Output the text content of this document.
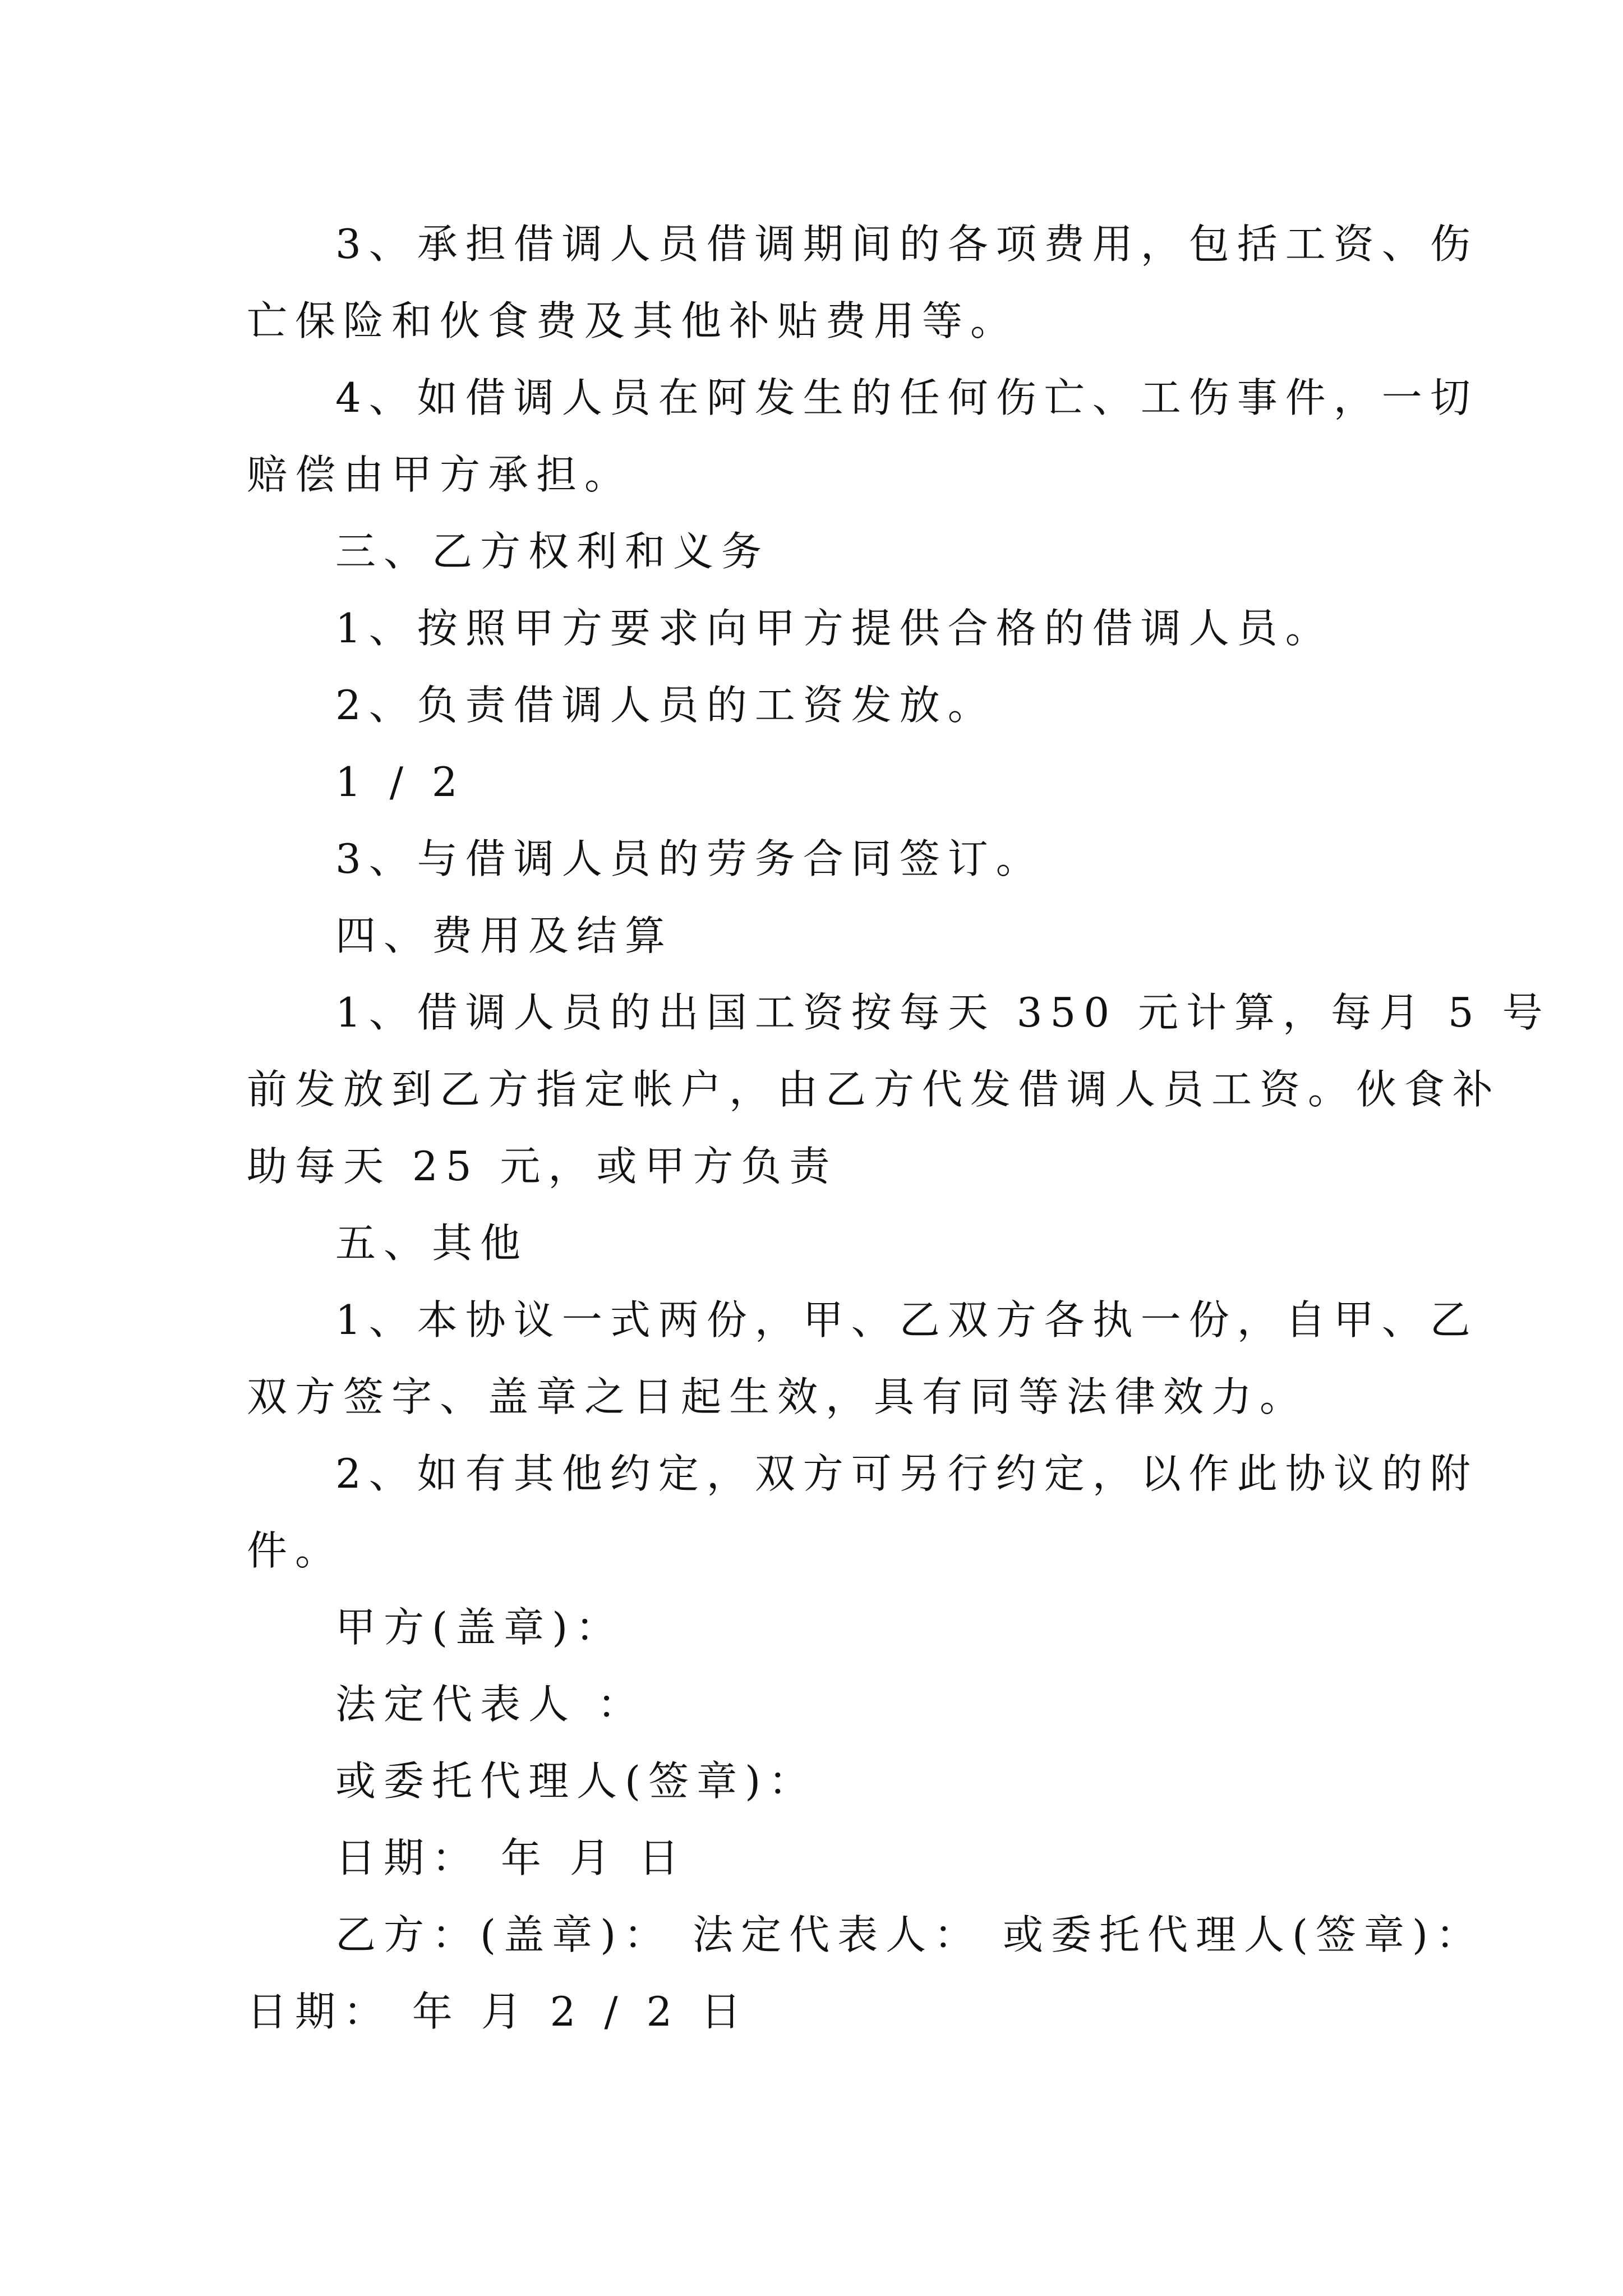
3、承担借调人员借调期间的各项费用，包括工资、伤
亡保险和伙食费及其他补贴费用等。
4、如借调人员在阿发生的任何伤亡、工伤事件，一切
赔偿由甲方承担。
三、乙方权利和义务
1、按照甲方要求向甲方提供合格的借调人员。
2、负责借调人员的工资发放。
1 / 2
3、与借调人员的劳务合同签订。
四、费用及结算
1、借调人员的出国工资按每天 350 元计算，每月 5 号
前发放到乙方指定帐户，由乙方代发借调人员工资。伙食补
助每天 25 元，或甲方负责
五、其他
1、本协议一式两份，甲、乙双方各执一份，自甲、乙
双方签字、盖章之日起生效，具有同等法律效力。
2、如有其他约定，双方可另行约定，以作此协议的附
件。
甲方(盖章)：
法定代表人 ：
或委托代理人(签章)：
日期： 年 月 日
乙方：(盖章)： 法定代表人： 或委托代理人(签章)：
日期： 年 月 2 / 2 日
